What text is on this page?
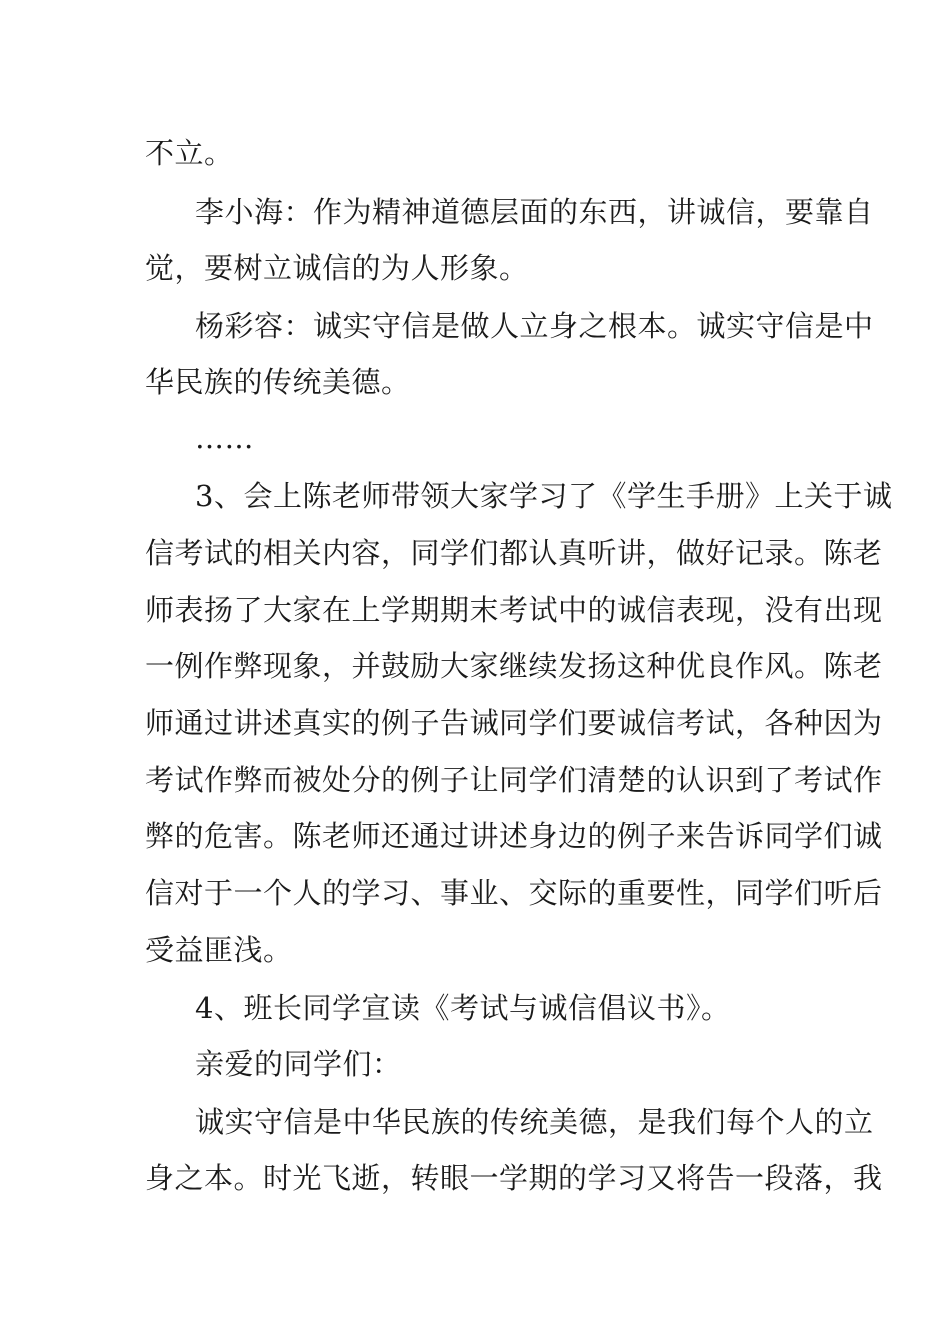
不立。
李小海：作为精神道德层面的东西，讲诚信，要靠自
觉，要树立诚信的为人形象。
杨彩容：诚实守信是做人立身之根本。诚实守信是中
华民族的传统美德。
……
3、会上陈老师带领大家学习了《学生手册》上关于诚
信考试的相关内容，同学们都认真听讲，做好记录。陈老
师表扬了大家在上学期期末考试中的诚信表现，没有出现
一例作弊现象，并鼓励大家继续发扬这种优良作风。陈老
师通过讲述真实的例子告诫同学们要诚信考试，各种因为
考试作弊而被处分的例子让同学们清楚的认识到了考试作
弊的危害。陈老师还通过讲述身边的例子来告诉同学们诚
信对于一个人的学习、事业、交际的重要性，同学们听后
受益匪浅。
4、班长同学宣读《考试与诚信倡议书》。
亲爱的同学们：
诚实守信是中华民族的传统美德，是我们每个人的立
身之本。时光飞逝，转眼一学期的学习又将告一段落，我
